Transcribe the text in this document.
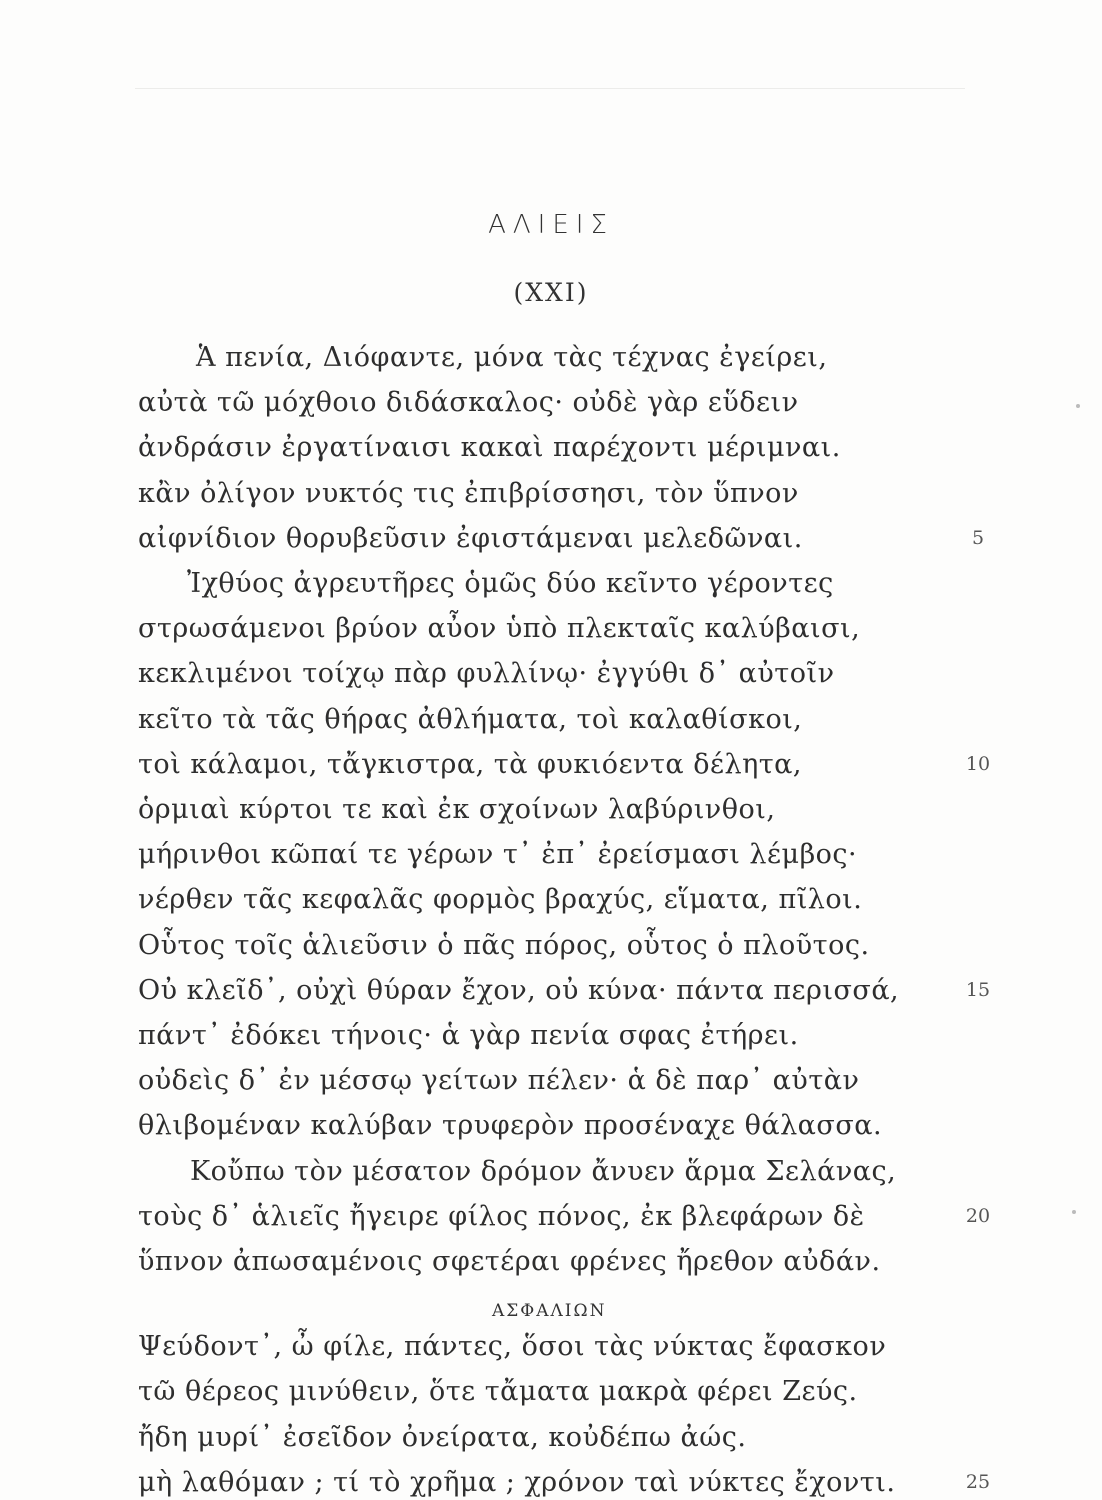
ΑΛΙΕΙΣ
(XXI)
Ἁ πενία, Διόφαντε, μόνα τὰς τέχνας ἐγείρει,
αὐτὰ τῶ μόχθοιο διδάσκαλος· οὐδὲ γὰρ εὕδειν
ἀνδράσιν ἐργατίναισι κακαὶ παρέχοντι μέριμναι.
κἂν ὀλίγον νυκτός τις ἐπιβρίσσησι, τὸν ὕπνον
αἰφνίδιον θορυβεῦσιν ἐφιστάμεναι μελεδῶναι.
Ἰχθύος ἀγρευτῆρες ὁμῶς δύο κεῖντο γέροντες
στρωσάμενοι βρύον αὖον ὑπὸ πλεκταῖς καλύβαισι,
κεκλιμένοι τοίχῳ πὰρ φυλλίνῳ· ἐγγύθι δ᾽ αὐτοῖν
κεῖτο τὰ τᾶς θήρας ἀθλήματα, τοὶ καλαθίσκοι,
τοὶ κάλαμοι, τἄγκιστρα, τὰ φυκιόεντα δέλητα,
ὁρμιαὶ κύρτοι τε καὶ ἐκ σχοίνων λαβύρινθοι,
μήρινθοι κῶπαί τε γέρων τ᾽ ἐπ᾽ ἐρείσμασι λέμβος·
νέρθεν τᾶς κεφαλᾶς φορμὸς βραχύς, εἵματα, πῖλοι.
Οὗτος τοῖς ἁλιεῦσιν ὁ πᾶς πόρος, οὗτος ὁ πλοῦτος.
Οὐ κλεῖδ᾽, οὐχὶ θύραν ἔχον, οὐ κύνα· πάντα περισσά,
πάντ᾽ ἐδόκει τήνοις· ἁ γὰρ πενία σφας ἐτήρει.
οὐδεὶς δ᾽ ἐν μέσσῳ γείτων πέλεν· ἁ δὲ παρ᾽ αὐτὰν
θλιβομέναν καλύβαν τρυφερὸν προσέναχε θάλασσα.
Κοὔπω τὸν μέσατον δρόμον ἄνυεν ἅρμα Σελάνας,
τοὺς δ᾽ ἁλιεῖς ἤγειρε φίλος πόνος, ἐκ βλεφάρων δὲ
ὕπνον ἀπωσαμένοις σφετέραι φρένες ἤρεθον αὐδάν.
Ψεύδοντ᾽, ὦ φίλε, πάντες, ὅσοι τὰς νύκτας ἔφασκον
τῶ θέρεος μινύθειν, ὅτε τἄματα μακρὰ φέρει Ζεύς.
ἤδη μυρί᾽ ἐσεῖδον ὀνείρατα, κοὐδέπω ἀώς.
μὴ λαθόμαν ; τί τὸ χρῆμα ; χρόνον ταὶ νύκτες ἔχοντι.
5
10
15
20
25
ΑΣΦΑΛΙΩΝ
